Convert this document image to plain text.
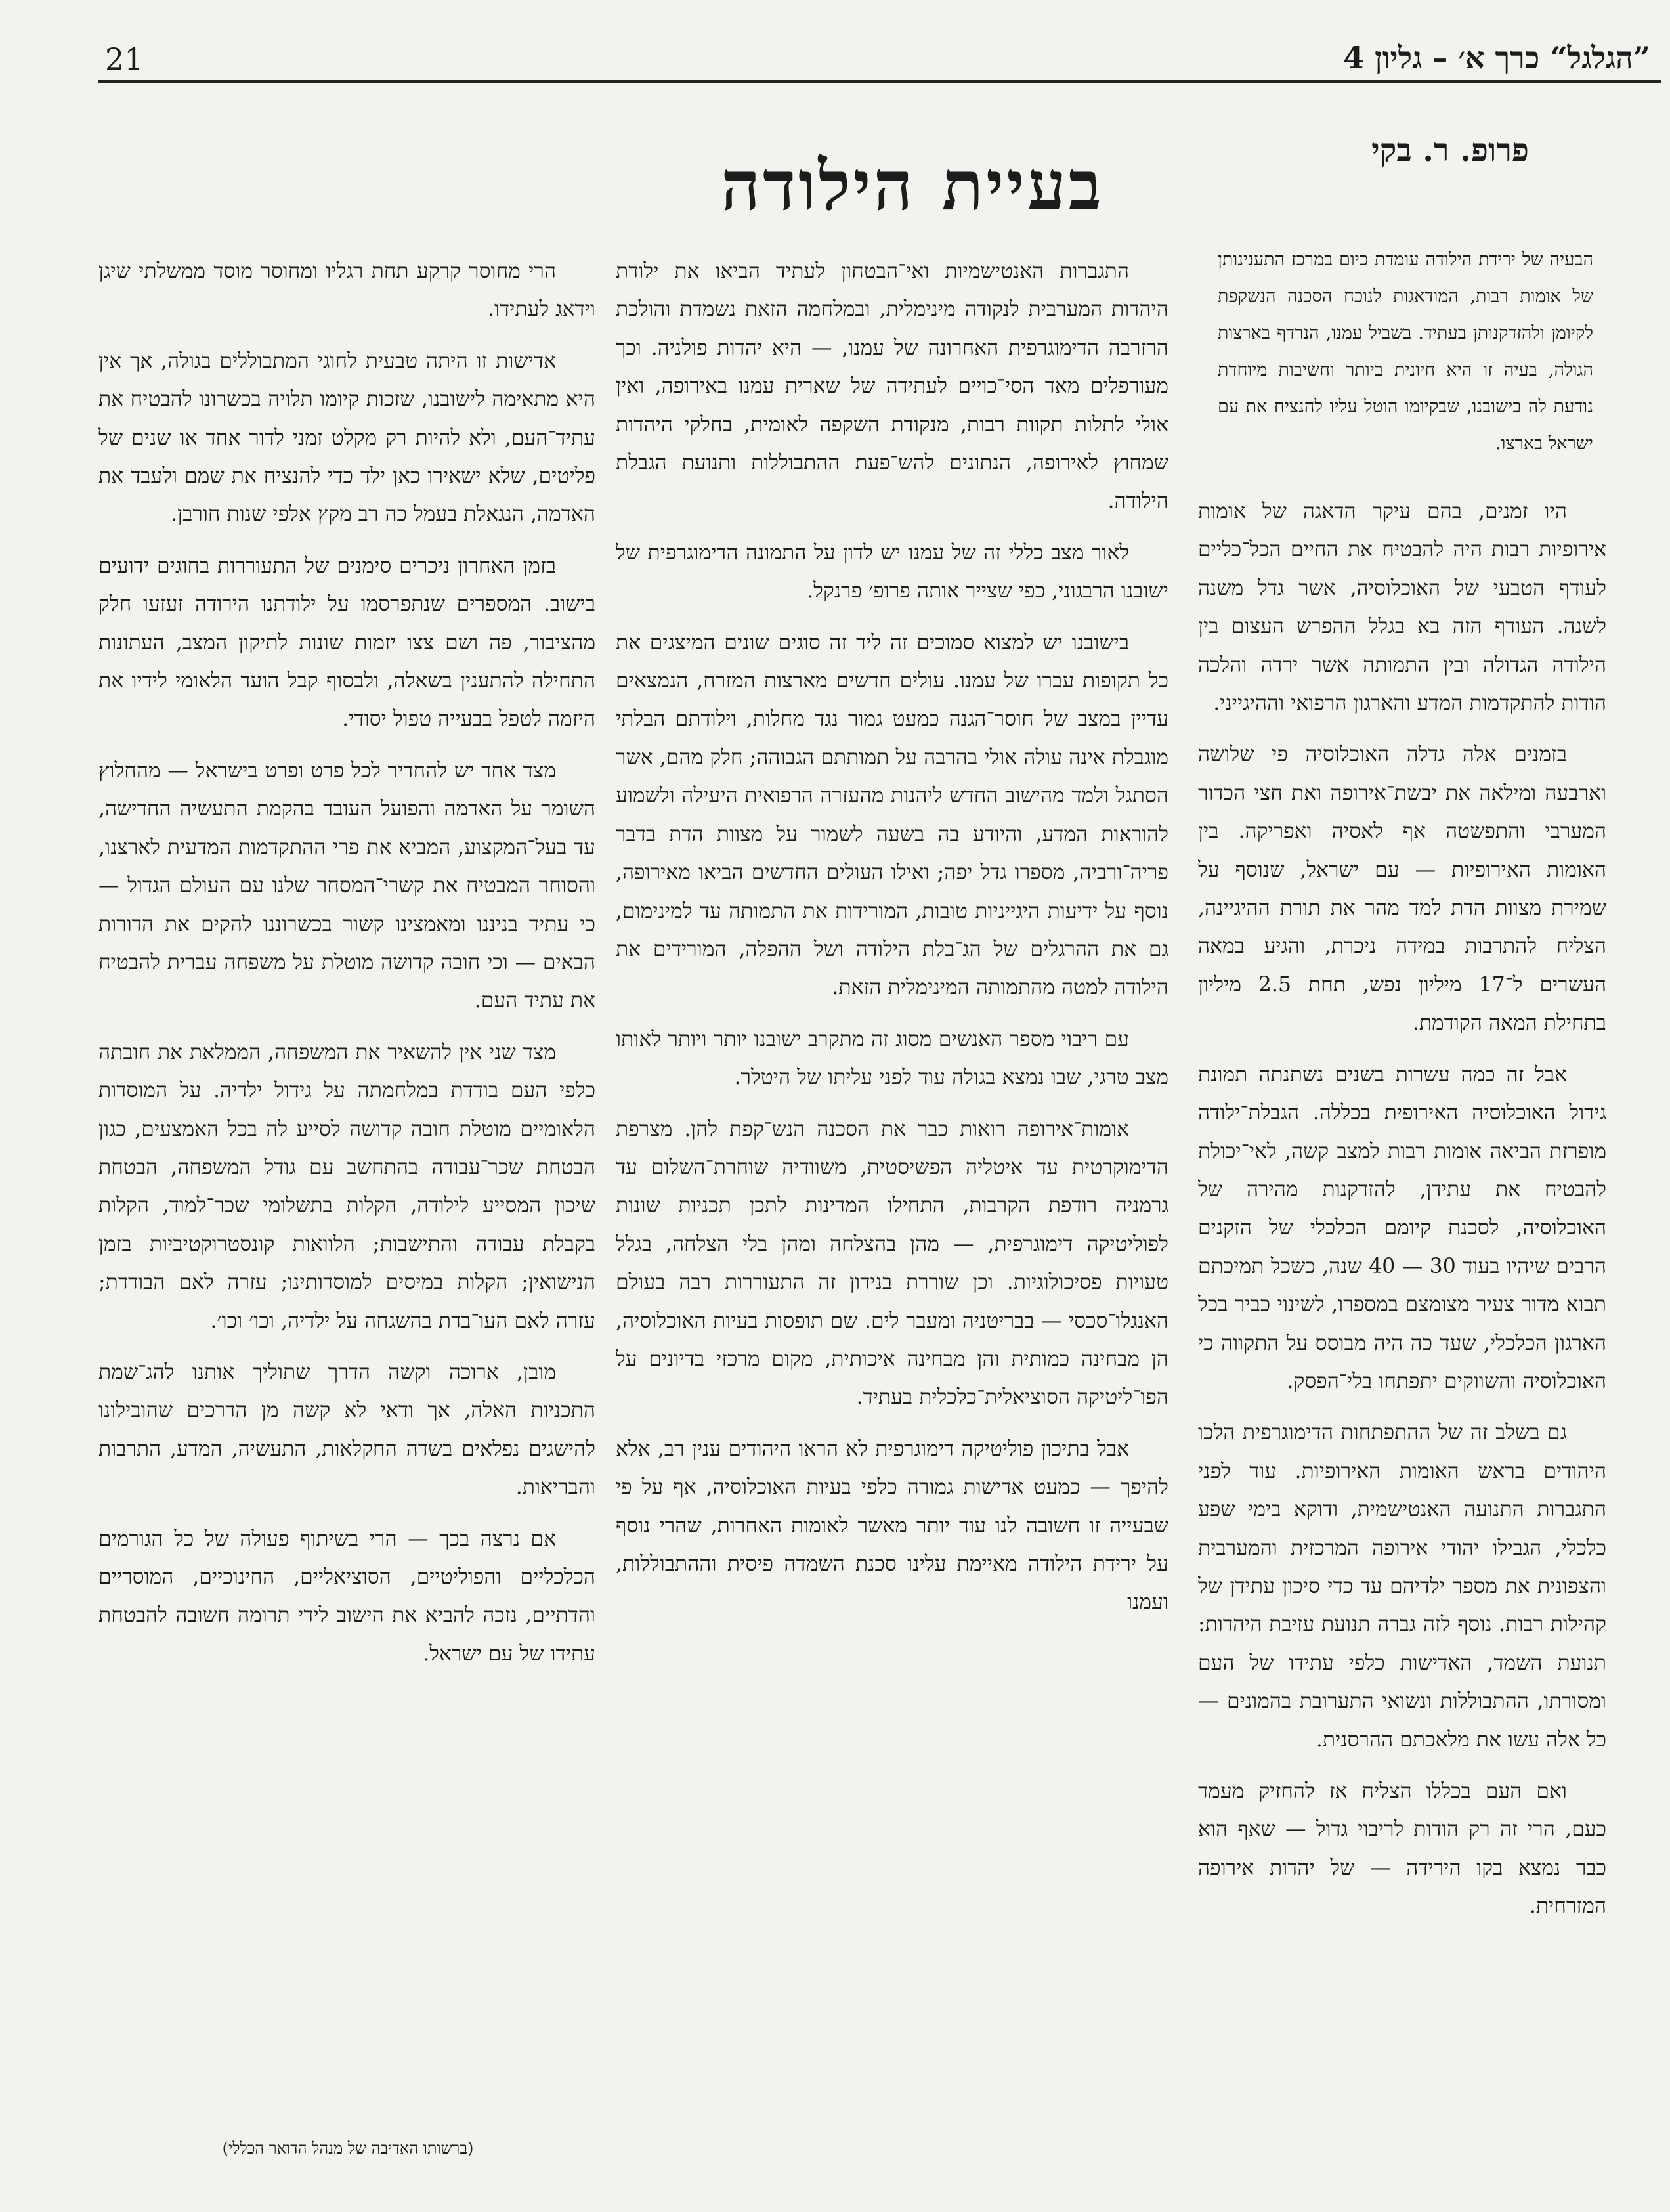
21	”הגלגל“ כרך א׳ – גליון 4
פרופ. ר. בקי
בעיית הילודה

הבעיה של ירידת הילודה עומדת כיום במרכז התענינותן של אומות רבות, המודאגות לנוכח הסכנה הנשקפת לקיומן ולהזדקנותן בעתיד. בשביל עמנו, הנרדף בארצות הגולה, בעיה זו היא חיונית ביותר וחשיבות מיוחדת נודעת לה בישובנו, שבקיומו הוטל עליו להנציח את עם ישראל בארצו.

היו זמנים, בהם עיקר הדאגה של אומות אירופיות רבות היה להבטיח את החיים הכל־כליים לעודף הטבעי של האוכלוסיה, אשר גדל משנה לשנה. העודף הזה בא בגלל ההפרש העצום בין הילודה הגדולה ובין התמותה אשר ירדה והלכה הודות להתקדמות המדע והארגון הרפואי וההיגייני.

בזמנים אלה גדלה האוכלוסיה פי שלושה וארבעה ומילאה את יבשת־אירופה ואת חצי הכדור המערבי והתפשטה אף לאסיה ואפריקה. בין האומות האירופיות — עם ישראל, שנוסף על שמירת מצוות הדת למד מהר את תורת ההיגיינה, הצליח להתרבות במידה ניכרת, והגיע במאה העשרים ל־17 מיליון נפש, תחת 2.5 מיליון בתחילת המאה הקודמת.

אבל זה כמה עשרות בשנים נשתנתה תמונת גידול האוכלוסיה האירופית בכללה. הגבלת־ילודה מופרזת הביאה אומות רבות למצב קשה, לאי־יכולת להבטיח את עתידן, להזדקנות מהירה של האוכלוסיה, לסכנת קיומם הכלכלי של הזקנים הרבים שיהיו בעוד 30 — 40 שנה, כשכל תמיכתם תבוא מדור צעיר מצומצם במספרו, לשינוי כביר בכל הארגון הכלכלי, שעד כה היה מבוסס על התקווה כי האוכלוסיה והשווקים יתפתחו בלי־הפסק.

גם בשלב זה של ההתפתחות הדימוגרפית הלכו היהודים בראש האומות האירופיות. עוד לפני התגברות התנועה האנטישמית, ודוקא בימי שפע כלכלי, הגבילו יהודי אירופה המרכזית והמערבית והצפונית את מספר ילדיהם עד כדי סיכון עתידן של קהילות רבות. נוסף לזה גברה תנועת עזיבת היהדות: תנועת השמד, האדישות כלפי עתידו של העם ומסורתו, ההתבוללות ונשואי התערובת בהמונים — כל אלה עשו את מלאכתם ההרסנית.

ואם העם בכללו הצליח אז להחזיק מעמד כעם, הרי זה רק הודות לריבוי גדול — שאף הוא כבר נמצא בקו הירידה — של יהדות אירופה המזרחית.

התגברות האנטישמיות ואי־הבטחון לעתיד הביאו את ילודת היהדות המערבית לנקודה מינימלית, ובמלחמה הזאת נשמדת והולכת הרזרבה הדימוגרפית האחרונה של עמנו, — היא יהדות פולניה. וכך מעורפלים מאד הסי־כויים לעתידה של שארית עמנו באירופה, ואין אולי לתלות תקוות רבות, מנקודת השקפה לאומית, בחלקי היהדות שמחוץ לאירופה, הנתונים להש־פעת ההתבוללות ותנועת הגבלת הילודה.

לאור מצב כללי זה של עמנו יש לדון על התמונה הדימוגרפית של ישובנו הרבגוני, כפי שצייר אותה פרופ׳ פרנקל.

בישובנו יש למצוא סמוכים זה ליד זה סוגים שונים המיצגים את כל תקופות עברו של עמנו. עולים חדשים מארצות המזרח, הנמצאים עדיין במצב של חוסר־הגנה כמעט גמור נגד מחלות, וילודתם הבלתי מוגבלת אינה עולה אולי בהרבה על תמותתם הגבוהה; חלק מהם, אשר הסתגל ולמד מהישוב החדש ליהנות מהעזרה הרפואית היעילה ולשמוע להוראות המדע, והיודע בה בשעה לשמור על מצוות הדת בדבר פריה־ורביה, מספרו גדל יפה; ואילו העולים החדשים הביאו מאירופה, נוסף על ידיעות היגייניות טובות, המורידות את התמותה עד למינימום, גם את ההרגלים של הג־בלת הילודה ושל ההפלה, המורידים את הילודה למטה מהתמותה המינימלית הזאת.

עם ריבוי מספר האנשים מסוג זה מתקרב ישובנו יותר ויותר לאותו מצב טרגי, שבו נמצא בגולה עוד לפני עליתו של היטלר.

אומות־אירופה רואות כבר את הסכנה הנש־קפת להן. מצרפת הדימוקרטית עד איטליה הפשיסטית, משוודיה שוחרת־השלום עד גרמניה רודפת הקרבות, התחילו המדינות לתכן תכניות שונות לפוליטיקה דימוגרפית, — מהן בהצלחה ומהן בלי הצלחה, בגלל טעויות פסיכולוגיות. וכן שוררת בנידון זה התעוררות רבה בעולם האנגלו־סכסי — בבריטניה ומעבר לים. שם תופסות בעיות האוכלוסיה, הן מבחינה כמותית והן מבחינה איכותית, מקום מרכזי בדיונים על הפו־ליטיקה הסוציאלית־כלכלית בעתיד.

אבל בתיכון פוליטיקה דימוגרפית לא הראו היהודים ענין רב, אלא להיפך — כמעט אדישות גמורה כלפי בעיות האוכלוסיה, אף על פי שבעייה זו חשובה לנו עוד יותר מאשר לאומות האחרות, שהרי נוסף על ירידת הילודה מאיימת עלינו סכנת השמדה פיסית וההתבוללות, ועמנו

הרי מחוסר קרקע תחת רגליו ומחוסר מוסד ממשלתי שיגן וידאג לעתידו.

אדישות זו היתה טבעית לחוגי המתבוללים בגולה, אך אין היא מתאימה לישובנו, שזכות קיומו תלויה בכשרונו להבטיח את עתיד־העם, ולא להיות רק מקלט זמני לדור אחד או שנים של פליטים, שלא ישאירו כאן ילד כדי להנציח את שמם ולעבד את האדמה, הנגאלת בעמל כה רב מקץ אלפי שנות חורבן.

בזמן האחרון ניכרים סימנים של התעוררות בחוגים ידועים בישוב. המספרים שנתפרסמו על ילודתנו הירודה זעזעו חלק מהציבור, פה ושם צצו יזמות שונות לתיקון המצב, העתונות התחילה להתענין בשאלה, ולבסוף קבל הועד הלאומי לידיו את היזמה לטפל בבעייה טפול יסודי.

מצד אחד יש להחדיר לכל פרט ופרט בישראל — מהחלוץ השומר על האדמה והפועל העובד בהקמת התעשיה החדישה, עד בעל־המקצוע, המביא את פרי ההתקדמות המדעית לארצנו, והסוחר המבטיח את קשרי־המסחר שלנו עם העולם הגדול — כי עתיד בניננו ומאמצינו קשור בכשרוננו להקים את הדורות הבאים — וכי חובה קדושה מוטלת על משפחה עברית להבטיח את עתיד העם.

מצד שני אין להשאיר את המשפחה, הממלאת את חובתה כלפי העם בודדת במלחמתה על גידול ילדיה. על המוסדות הלאומיים מוטלת חובה קדושה לסייע לה בכל האמצעים, כגון הבטחת שכר־עבודה בהתחשב עם גודל המשפחה, הבטחת שיכון המסייע לילודה, הקלות בתשלומי שכר־למוד, הקלות בקבלת עבודה והתישבות; הלוואות קונסטרוקטיביות בזמן הנישואין; הקלות במיסים למוסדותינו; עזרה לאם הבודדת; עזרה לאם העו־בדת בהשגחה על ילדיה, וכו׳ וכו׳.

מובן, ארוכה וקשה הדרך שתוליך אותנו להג־שמת התכניות האלה, אך ודאי לא קשה מן הדרכים שהובילונו להישגים נפלאים בשדה החקלאות, התעשיה, המדע, התרבות והבריאות.

אם נרצה בכך — הרי בשיתוף פעולה של כל הגורמים הכלכליים והפוליטיים, הסוציאליים, החינוכיים, המוסריים והדתיים, נזכה להביא את הישוב לידי תרומה חשובה להבטחת עתידו של עם ישראל.

(ברשותו האדיבה של מנהל הדואר הכללי)
